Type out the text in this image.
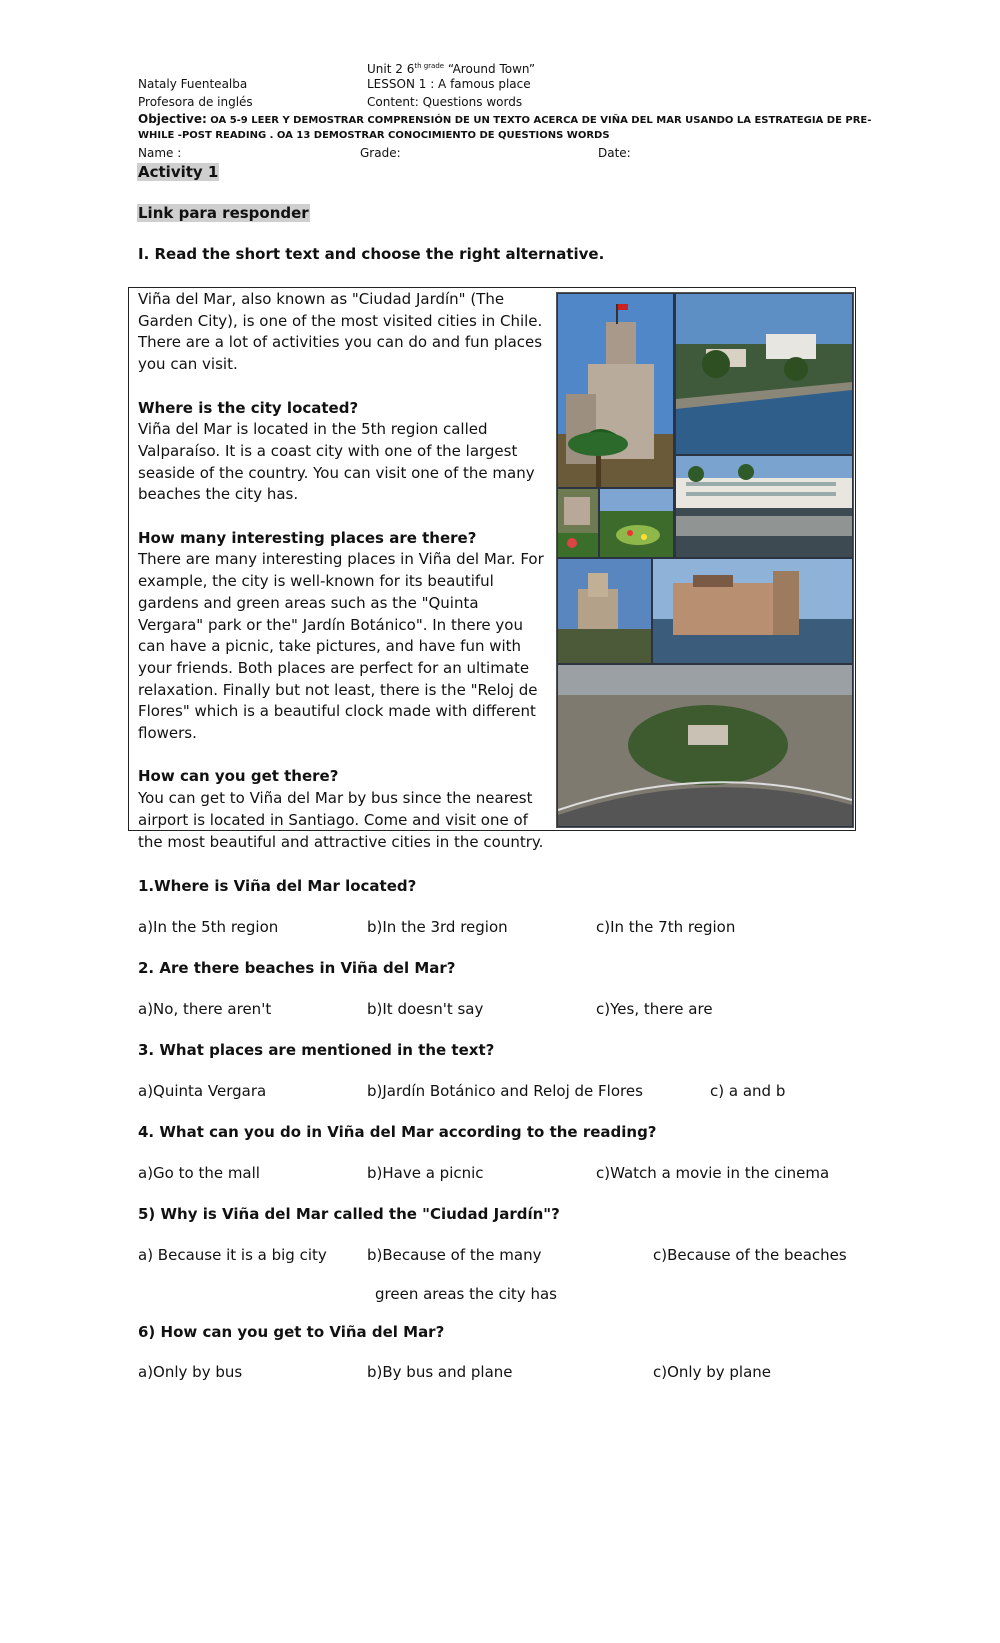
Unit 2 $6^{th grade}$ “Around Town”
Nataly Fuentealba	LESSON 1 : A famous place
Profesora de inglés	Content: Questions words
Objective: OA 5-9 LEER Y DEMOSTRAR COMPRENSIÓN DE UN TEXTO ACERCA DE VIÑA DEL MAR USANDO LA ESTRATEGIA DE PRE-
WHILE -POST READING . OA 13 DEMOSTRAR CONOCIMIENTO DE QUESTIONS WORDS
Name :	Grade:	Date:
Activity 1
Link para responder
I. Read the short text and choose the right alternative.

Viña del Mar, also known as "Ciudad Jardín" (The Garden City), is one of the most visited cities in Chile. There are a lot of activities you can do and fun places you can visit.

Where is the city located?
Viña del Mar is located in the 5th region called Valparaíso. It is a coast city with one of the largest seaside of the country. You can visit one of the many beaches the city has.

How many interesting places are there?
There are many interesting places in Viña del Mar. For example, the city is well-known for its beautiful gardens and green areas such as the "Quinta Vergara" park or the" Jardín Botánico". In there you can have a picnic, take pictures, and have fun with your friends. Both places are perfect for an ultimate relaxation. Finally but not least, there is the "Reloj de Flores" which is a beautiful clock made with different flowers.

How can you get there?
You can get to Viña del Mar by bus since the nearest airport is located in Santiago. Come and visit one of the most beautiful and attractive cities in the country.

1.Where is Viña del Mar located?
a)In the 5th region	b)In the 3rd region	c)In the 7th region
2. Are there beaches in Viña del Mar?
a)No, there aren't	b)It doesn't say	c)Yes, there are
3. What places are mentioned in the text?
a)Quinta Vergara	b)Jardín Botánico and Reloj de Flores	c) a and b
4. What can you do in Viña del Mar according to the reading?
a)Go to the mall	b)Have a picnic	c)Watch a movie in the cinema
5) Why is Viña del Mar called the "Ciudad Jardín"?
a) Because it is a big city	b)Because of the many
green areas the city has
c)Because of the beaches
6) How can you get to Viña del Mar?
a)Only by bus	b)By bus and plane	c)Only by plane
